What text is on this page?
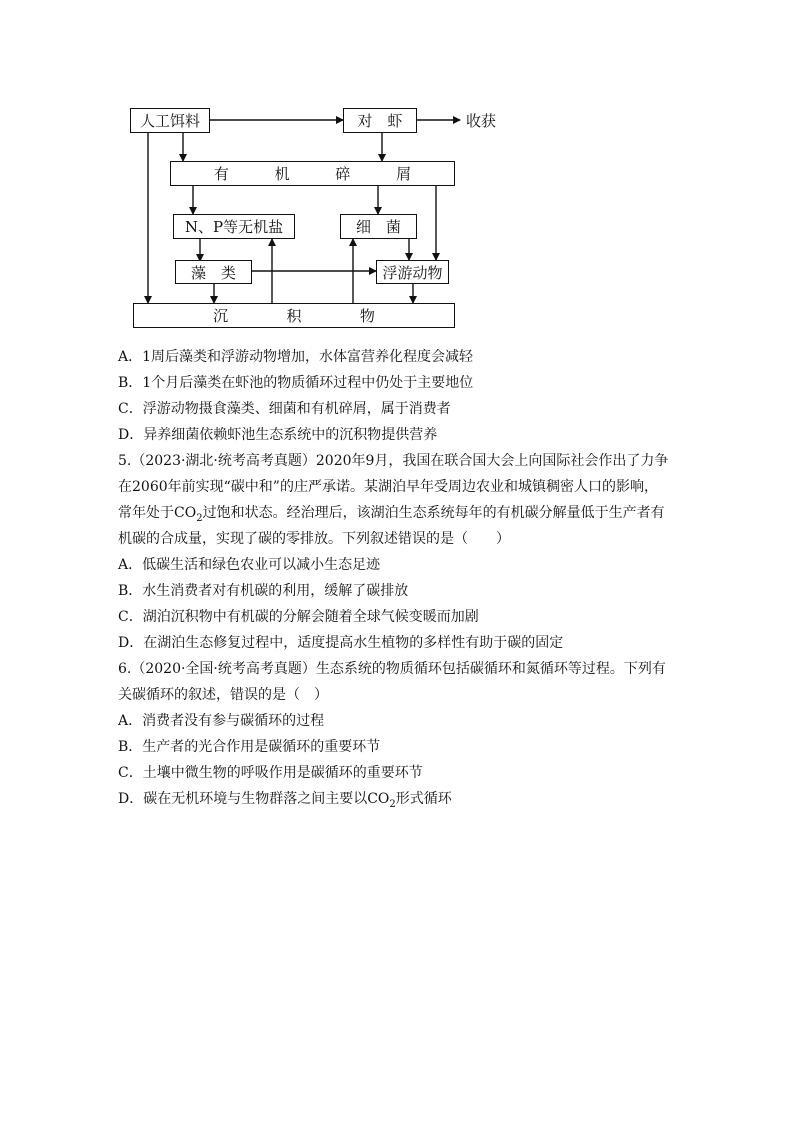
人工饵料	对　虾	收获
有	机	碎	屑
N、P等无机盐	细　菌
藻　类	浮游动物
沉	积	物
A．1周后藻类和浮游动物增加，水体富营养化程度会减轻
B．1个月后藻类在虾池的物质循环过程中仍处于主要地位
C．浮游动物摄食藻类、细菌和有机碎屑，属于消费者
D．异养细菌依赖虾池生态系统中的沉积物提供营养
5.（2023·湖北·统考高考真题）2020年9月，我国在联合国大会上向国际社会作出了力争
在2060年前实现“碳中和”的庄严承诺。某湖泊早年受周边农业和城镇稠密人口的影响，
常年处于$CO_2$过饱和状态。经治理后，该湖泊生态系统每年的有机碳分解量低于生产者有
机碳的合成量，实现了碳的零排放。下列叙述错误的是（　　）
A．低碳生活和绿色农业可以减小生态足迹
B．水生消费者对有机碳的利用，缓解了碳排放
C．湖泊沉积物中有机碳的分解会随着全球气候变暖而加剧
D．在湖泊生态修复过程中，适度提高水生植物的多样性有助于碳的固定
6.（2020·全国·统考高考真题）生态系统的物质循环包括碳循环和氮循环等过程。下列有
关碳循环的叙述，错误的是（　）
A．消费者没有参与碳循环的过程
B．生产者的光合作用是碳循环的重要环节
C．土壤中微生物的呼吸作用是碳循环的重要环节
D．碳在无机环境与生物群落之间主要以$CO_2$形式循环
